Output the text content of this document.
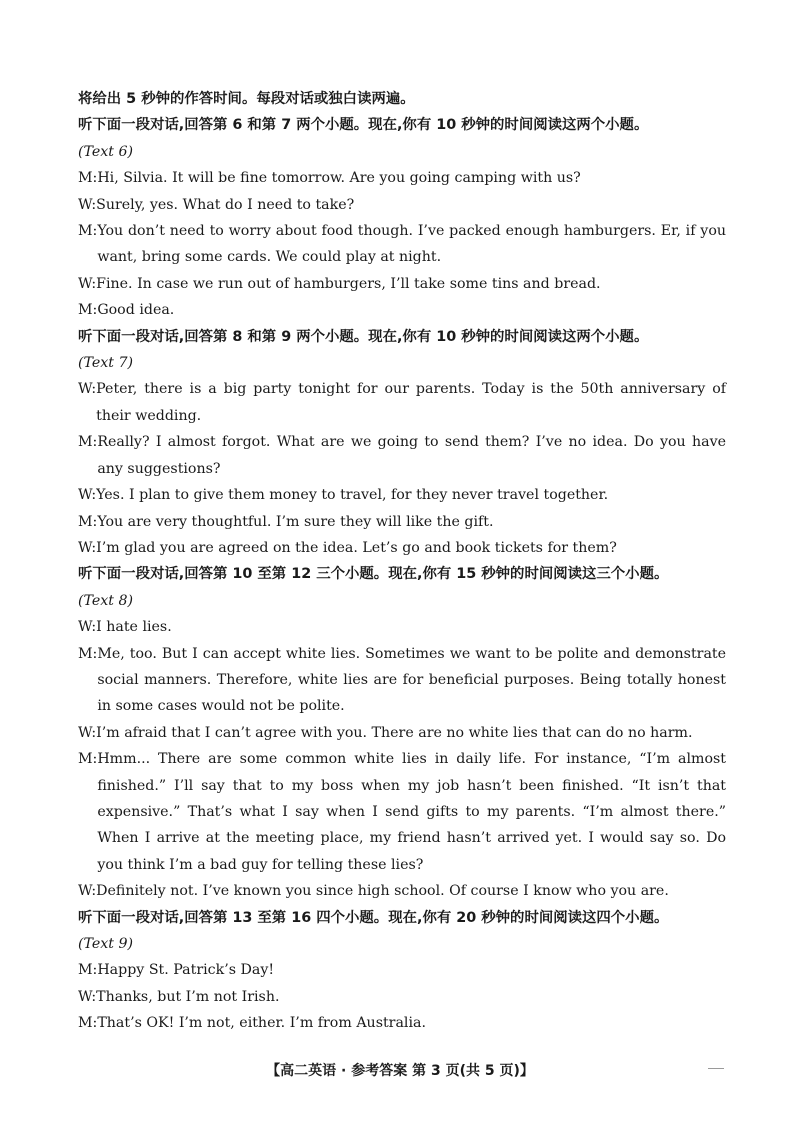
将给出 5 秒钟的作答时间。每段对话或独白读两遍。
听下面一段对话,回答第 6 和第 7 两个小题。现在,你有 10 秒钟的时间阅读这两个小题。
(Text 6)
M: Hi, Silvia. It will be fine tomorrow. Are you going camping with us?
W: Surely, yes. What do I need to take?
M: You don’t need to worry about food though. I’ve packed enough hamburgers. Er, if you want, bring some cards. We could play at night.
W: Fine. In case we run out of hamburgers, I’ll take some tins and bread.
M: Good idea.
听下面一段对话,回答第 8 和第 9 两个小题。现在,你有 10 秒钟的时间阅读这两个小题。
(Text 7)
W: Peter, there is a big party tonight for our parents. Today is the 50th anniversary of their wedding.
M: Really? I almost forgot. What are we going to send them? I’ve no idea. Do you have any suggestions?
W: Yes. I plan to give them money to travel, for they never travel together.
M: You are very thoughtful. I’m sure they will like the gift.
W: I’m glad you are agreed on the idea. Let’s go and book tickets for them?
听下面一段对话,回答第 10 至第 12 三个小题。现在,你有 15 秒钟的时间阅读这三个小题。
(Text 8)
W: I hate lies.
M: Me, too. But I can accept white lies. Sometimes we want to be polite and demonstrate social manners. Therefore, white lies are for beneficial purposes. Being totally honest in some cases would not be polite.
W: I’m afraid that I can’t agree with you. There are no white lies that can do no harm.
M: Hmm... There are some common white lies in daily life. For instance, “I’m almost finished.” I’ll say that to my boss when my job hasn’t been finished. “It isn’t that expensive.” That’s what I say when I send gifts to my parents. “I’m almost there.” When I arrive at the meeting place, my friend hasn’t arrived yet. I would say so. Do you think I’m a bad guy for telling these lies?
W: Definitely not. I’ve known you since high school. Of course I know who you are.
听下面一段对话,回答第 13 至第 16 四个小题。现在,你有 20 秒钟的时间阅读这四个小题。
(Text 9)
M: Happy St. Patrick’s Day!
W: Thanks, but I’m not Irish.
M: That’s OK! I’m not, either. I’m from Australia.
【高二英语 · 参考答案 第 3 页(共 5 页)】
